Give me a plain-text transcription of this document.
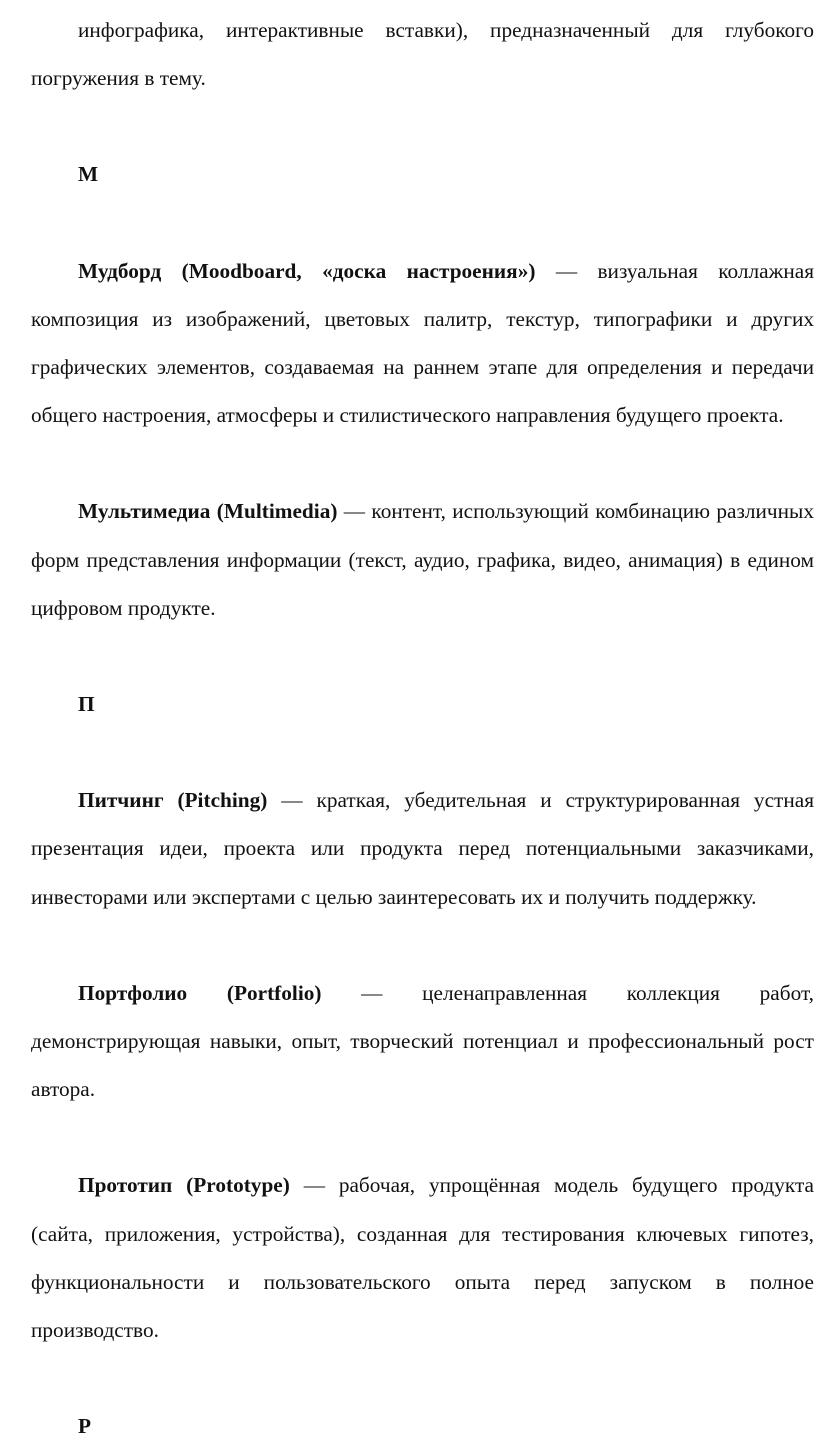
инфографика, интерактивные вставки), предназначенный для глубокого погружения в тему.

М

Мудборд (Moodboard, «доска настроения») — визуальная коллажная композиция из изображений, цветовых палитр, текстур, типографики и других графических элементов, создаваемая на раннем этапе для определения и передачи общего настроения, атмосферы и стилистического направления будущего проекта.

Мультимедиа (Multimedia) — контент, использующий комбинацию различных форм представления информации (текст, аудио, графика, видео, анимация) в едином цифровом продукте.

П

Питчинг (Pitching) — краткая, убедительная и структурированная устная презентация идеи, проекта или продукта перед потенциальными заказчиками, инвесторами или экспертами с целью заинтересовать их и получить поддержку.

Портфолио (Portfolio) — целенаправленная коллекция работ, демонстрирующая навыки, опыт, творческий потенциал и профессиональный рост автора.

Прототип (Prototype) — рабочая, упрощённая модель будущего продукта (сайта, приложения, устройства), созданная для тестирования ключевых гипотез, функциональности и пользовательского опыта перед запуском в полное производство.

Р
